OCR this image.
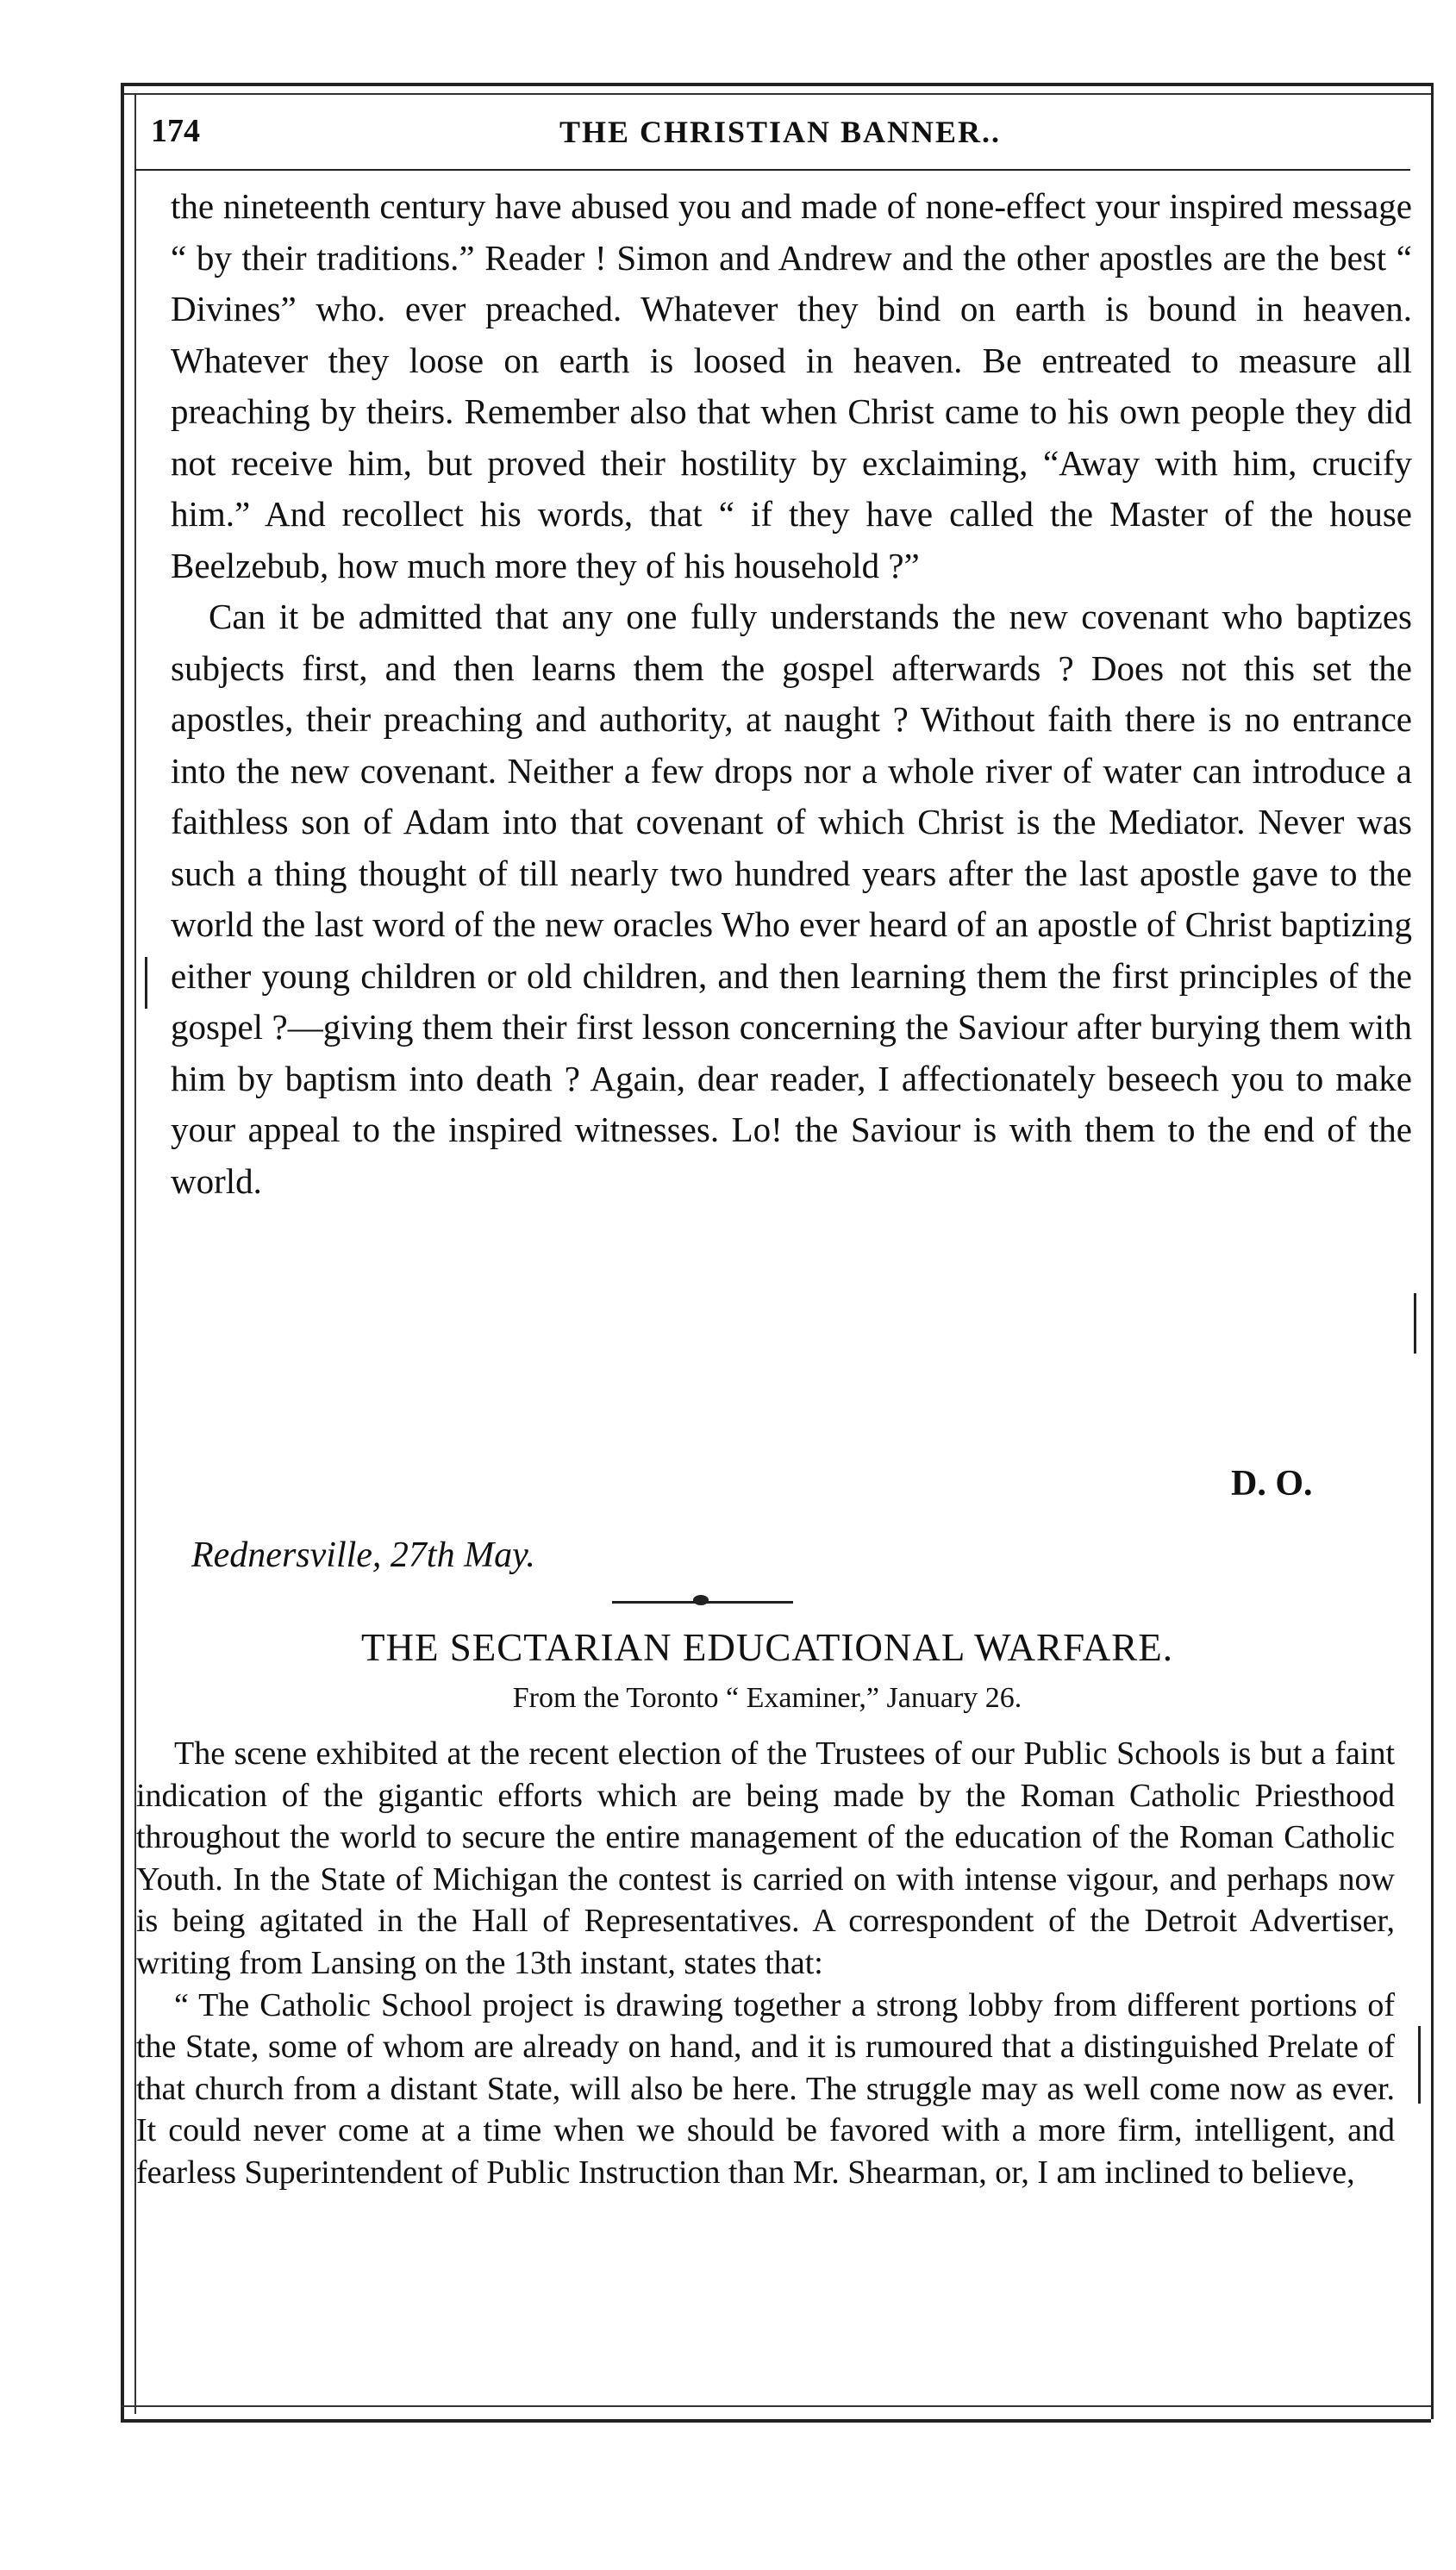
174	THE CHRISTIAN BANNER..

the nineteenth century have abused you and made of none-effect your inspired message “ by their traditions.” Reader ! Simon and Andrew and the other apostles are the best “ Divines” who. ever preached. Whatever they bind on earth is bound in heaven. Whatever they loose on earth is loosed in heaven. Be entreated to measure all preaching by theirs. Remember also that when Christ came to his own people they did not receive him, but proved their hostility by exclaiming, “Away with him, crucify him.” And recollect his words, that “ if they have called the Master of the house Beelzebub, how much more they of his household ?”

Can it be admitted that any one fully understands the new covenant who baptizes subjects first, and then learns them the gospel afterwards ? Does not this set the apostles, their preaching and authority, at naught ? Without faith there is no entrance into the new covenant. Neither a few drops nor a whole river of water can introduce a faithless son of Adam into that covenant of which Christ is the Mediator. Never was such a thing thought of till nearly two hundred years after the last apostle gave to the world the last word of the new oracles Who ever heard of an apostle of Christ baptizing either young children or old children, and then learning them the first principles of the gospel ?—giving them their first lesson concerning the Saviour after burying them with him by baptism into death ? Again, dear reader, I affectionately beseech you to make your appeal to the inspired witnesses. Lo! the Saviour is with them to the end of the world.

D. O.
Rednersville, 27th May.
THE SECTARIAN EDUCATIONAL WARFARE.
From the Toronto “ Examiner,” January 26.

The scene exhibited at the recent election of the Trustees of our Public Schools is but a faint indication of the gigantic efforts which are being made by the Roman Catholic Priesthood throughout the world to secure the entire management of the education of the Roman Catholic Youth. In the State of Michigan the contest is carried on with intense vigour, and perhaps now is being agitated in the Hall of Representatives. A correspondent of the Detroit Advertiser, writing from Lansing on the 13th instant, states that:

“ The Catholic School project is drawing together a strong lobby from different portions of the State, some of whom are already on hand, and it is rumoured that a distinguished Prelate of that church from a distant State, will also be here. The struggle may as well come now as ever. It could never come at a time when we should be favored with a more firm, intelligent, and fearless Superintendent of Public Instruction than Mr. Shearman, or, I am inclined to believe,
